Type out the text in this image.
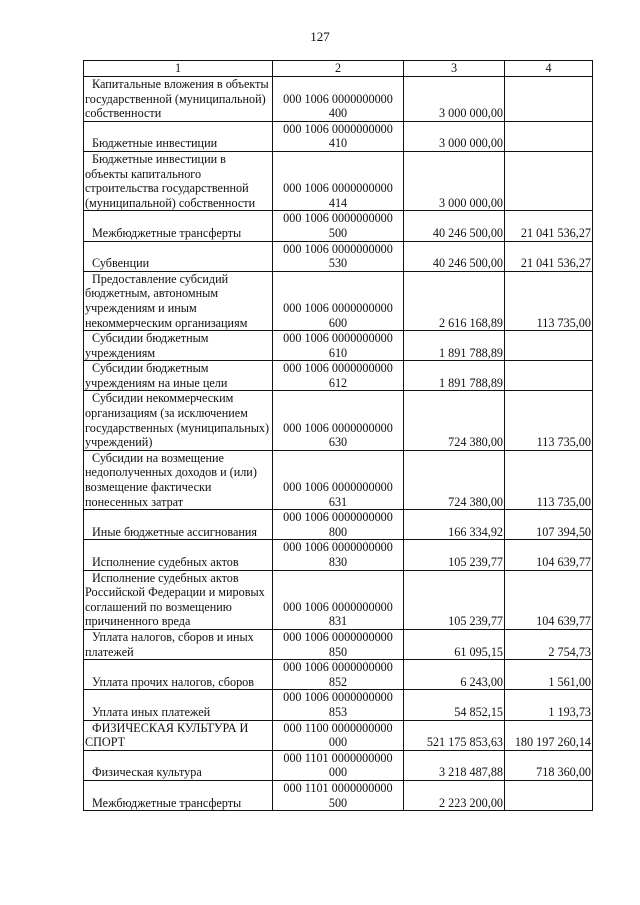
127
1	2	3	4
Капитальные вложения в объекты государственной (муниципальной) собственности	000 1006 0000000000 400	3 000 000,00	
Бюджетные инвестиции	000 1006 0000000000 410	3 000 000,00	
Бюджетные инвестиции в объекты капитального строительства государственной (муниципальной) собственности	000 1006 0000000000 414	3 000 000,00	
Межбюджетные трансферты	000 1006 0000000000 500	40 246 500,00	21 041 536,27
Субвенции	000 1006 0000000000 530	40 246 500,00	21 041 536,27
Предоставление субсидий бюджетным, автономным учреждениям и иным некоммерческим организациям	000 1006 0000000000 600	2 616 168,89	113 735,00
Субсидии бюджетным учреждениям	000 1006 0000000000 610	1 891 788,89	
Субсидии бюджетным учреждениям на иные цели	000 1006 0000000000 612	1 891 788,89	
Субсидии некоммерческим организациям (за исключением государственных (муниципальных) учреждений)	000 1006 0000000000 630	724 380,00	113 735,00
Субсидии на возмещение недополученных доходов и (или) возмещение фактически понесенных затрат	000 1006 0000000000 631	724 380,00	113 735,00
Иные бюджетные ассигнования	000 1006 0000000000 800	166 334,92	107 394,50
Исполнение судебных актов	000 1006 0000000000 830	105 239,77	104 639,77
Исполнение судебных актов Российской Федерации и мировых соглашений по возмещению причиненного вреда	000 1006 0000000000 831	105 239,77	104 639,77
Уплата налогов, сборов и иных платежей	000 1006 0000000000 850	61 095,15	2 754,73
Уплата прочих налогов, сборов	000 1006 0000000000 852	6 243,00	1 561,00
Уплата иных платежей	000 1006 0000000000 853	54 852,15	1 193,73
ФИЗИЧЕСКАЯ КУЛЬТУРА И СПОРТ	000 1100 0000000000 000	521 175 853,63	180 197 260,14
Физическая культура	000 1101 0000000000 000	3 218 487,88	718 360,00
Межбюджетные трансферты	000 1101 0000000000 500	2 223 200,00	
